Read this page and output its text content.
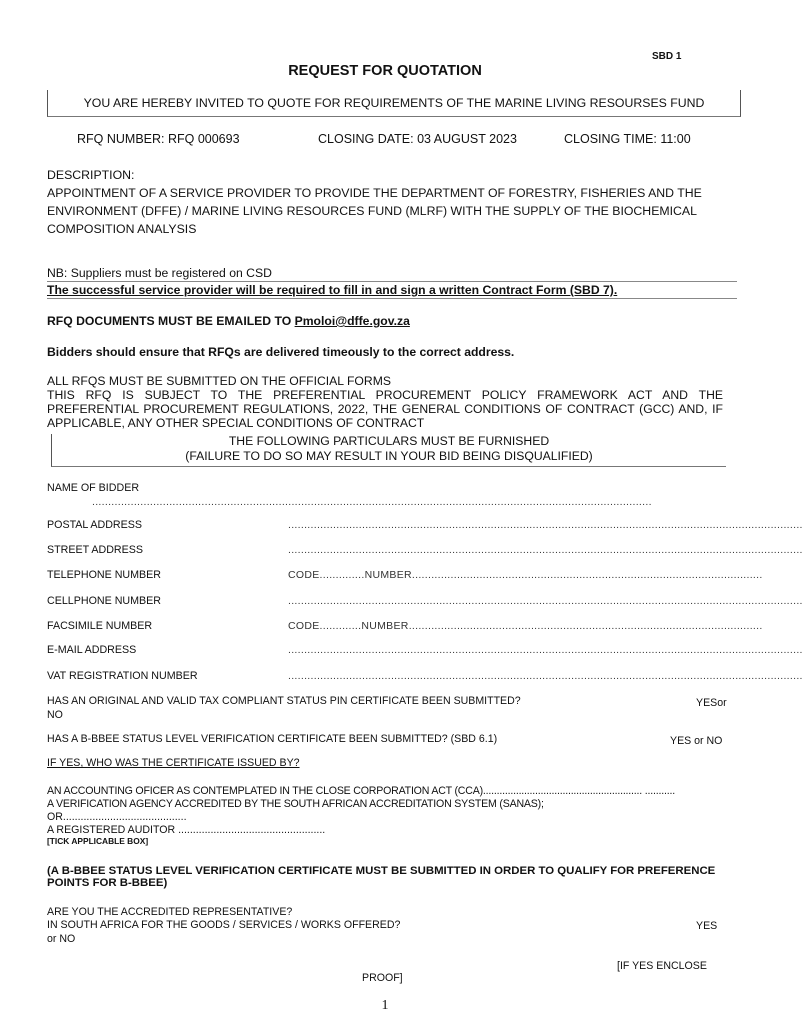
SBD 1
REQUEST FOR QUOTATION
YOU ARE HEREBY INVITED TO QUOTE FOR REQUIREMENTS OF THE MARINE LIVING RESOURSES FUND
RFQ NUMBER: RFQ 000693	CLOSING DATE: 03 AUGUST 2023	CLOSING TIME: 11:00
DESCRIPTION:
APPOINTMENT OF A SERVICE PROVIDER TO PROVIDE THE DEPARTMENT OF FORESTRY, FISHERIES AND THE ENVIRONMENT (DFFE) / MARINE LIVING RESOURCES FUND (MLRF) WITH THE SUPPLY OF THE BIOCHEMICAL COMPOSITION ANALYSIS
NB: Suppliers must be registered on CSD
The successful service provider will be required to fill in and sign a written Contract Form (SBD 7).
RFQ DOCUMENTS MUST BE EMAILED TO Pmoloi@dffe.gov.za
Bidders should ensure that RFQs are delivered timeously to the correct address.
ALL RFQS MUST BE SUBMITTED ON THE OFFICIAL FORMS
THIS RFQ IS SUBJECT TO THE PREFERENTIAL PROCUREMENT POLICY FRAMEWORK ACT AND THE PREFERENTIAL PROCUREMENT REGULATIONS, 2022, THE GENERAL CONDITIONS OF CONTRACT (GCC) AND, IF APPLICABLE, ANY OTHER SPECIAL CONDITIONS OF CONTRACT
THE FOLLOWING PARTICULARS MUST BE FURNISHED
(FAILURE TO DO SO MAY RESULT IN YOUR BID BEING DISQUALIFIED)
NAME OF BIDDER
..............................................................................................................................................................................
POSTAL ADDRESS	................................................................................................................................................................
STREET ADDRESS	................................................................................................................................................................
TELEPHONE NUMBER	CODE..............NUMBER.............................................................................................................
CELLPHONE NUMBER	................................................................................................................................................................
FACSIMILE NUMBER	CODE.............NUMBER..............................................................................................................
E-MAIL ADDRESS	................................................................................................................................................................
VAT REGISTRATION NUMBER	................................................................................................................................................................
HAS AN ORIGINAL AND VALID TAX COMPLIANT STATUS PIN CERTIFICATE BEEN SUBMITTED?
NO
YESor
HAS A B-BBEE STATUS LEVEL VERIFICATION CERTIFICATE BEEN SUBMITTED? (SBD 6.1)	YES or NO
IF YES, WHO WAS THE CERTIFICATE ISSUED BY?
AN ACCOUNTING OFICER AS CONTEMPLATED IN THE CLOSE CORPORATION ACT (CCA).......................................................... ...........
A VERIFICATION AGENCY ACCREDITED BY THE SOUTH AFRICAN ACCREDITATION SYSTEM (SANAS);
OR..........................................
A REGISTERED AUDITOR ..................................................
[TICK APPLICABLE BOX]
(A B-BBEE STATUS LEVEL VERIFICATION CERTIFICATE MUST BE SUBMITTED IN ORDER TO QUALIFY FOR PREFERENCE POINTS FOR B-BBEE)
ARE YOU THE ACCREDITED REPRESENTATIVE?
IN SOUTH AFRICA FOR THE GOODS / SERVICES / WORKS OFFERED?
or NO
YES
[IF YES ENCLOSE
PROOF]
1
